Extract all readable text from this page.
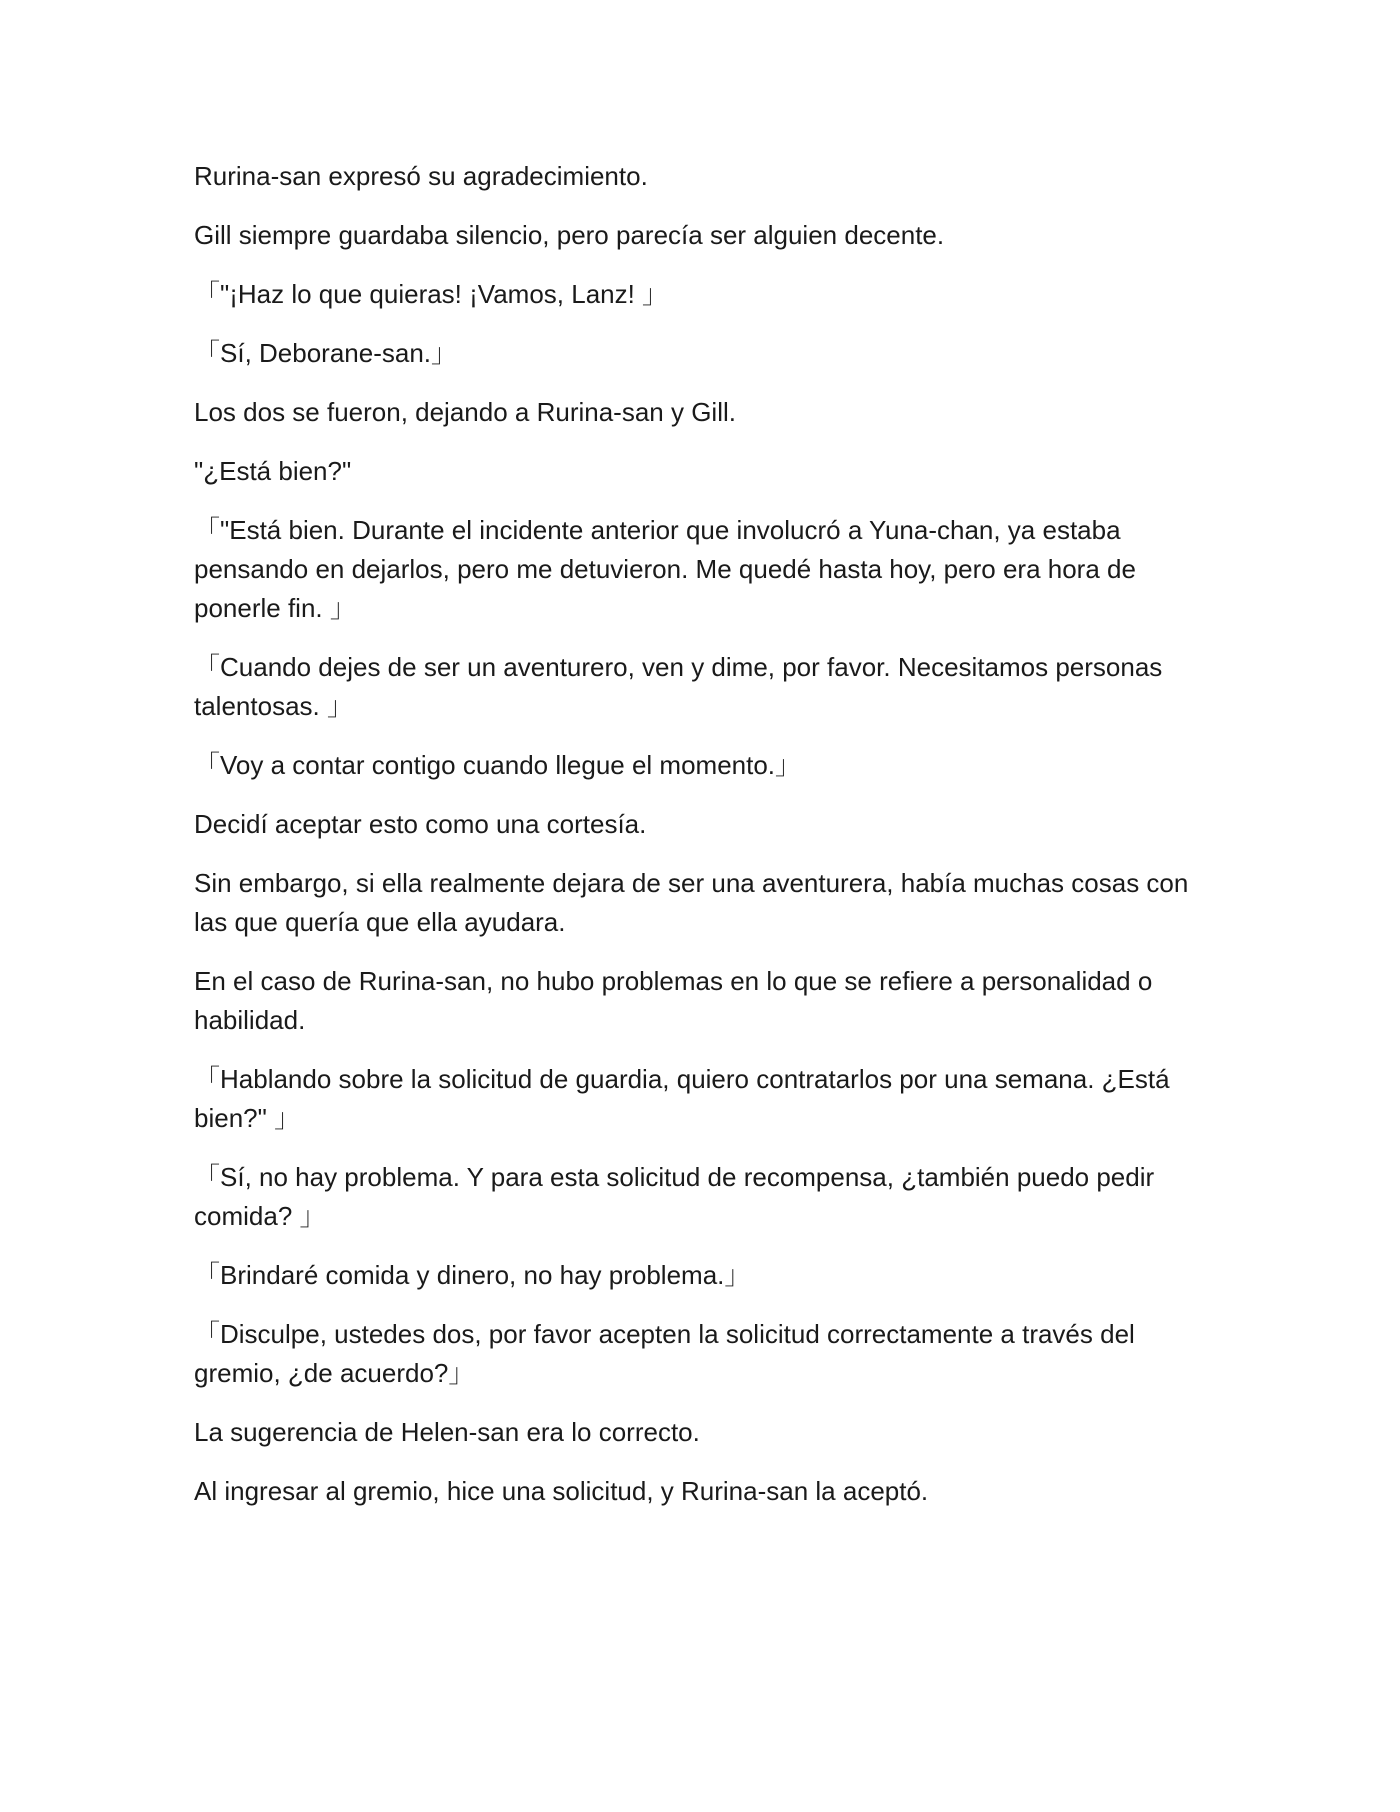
Rurina-san expresó su agradecimiento.

Gill siempre guardaba silencio, pero parecía ser alguien decente.

「"¡Haz lo que quieras! ¡Vamos, Lanz! 」

「Sí, Deborane-san.」

Los dos se fueron, dejando a Rurina-san y Gill.

"¿Está bien?"

「"Está bien. Durante el incidente anterior que involucró a Yuna-chan, ya estaba pensando en dejarlos, pero me detuvieron. Me quedé hasta hoy, pero era hora de ponerle fin. 」

「Cuando dejes de ser un aventurero, ven y dime, por favor. Necesitamos personas talentosas. 」

「Voy a contar contigo cuando llegue el momento.」

Decidí aceptar esto como una cortesía.

Sin embargo, si ella realmente dejara de ser una aventurera, había muchas cosas con las que quería que ella ayudara.

En el caso de Rurina-san, no hubo problemas en lo que se refiere a personalidad o habilidad.

「Hablando sobre la solicitud de guardia, quiero contratarlos por una semana. ¿Está bien?" 」

「Sí, no hay problema. Y para esta solicitud de recompensa, ¿también puedo pedir comida? 」

「Brindaré comida y dinero, no hay problema.」

「Disculpe, ustedes dos, por favor acepten la solicitud correctamente a través del gremio, ¿de acuerdo?」

La sugerencia de Helen-san era lo correcto.

Al ingresar al gremio, hice una solicitud, y Rurina-san la aceptó.
